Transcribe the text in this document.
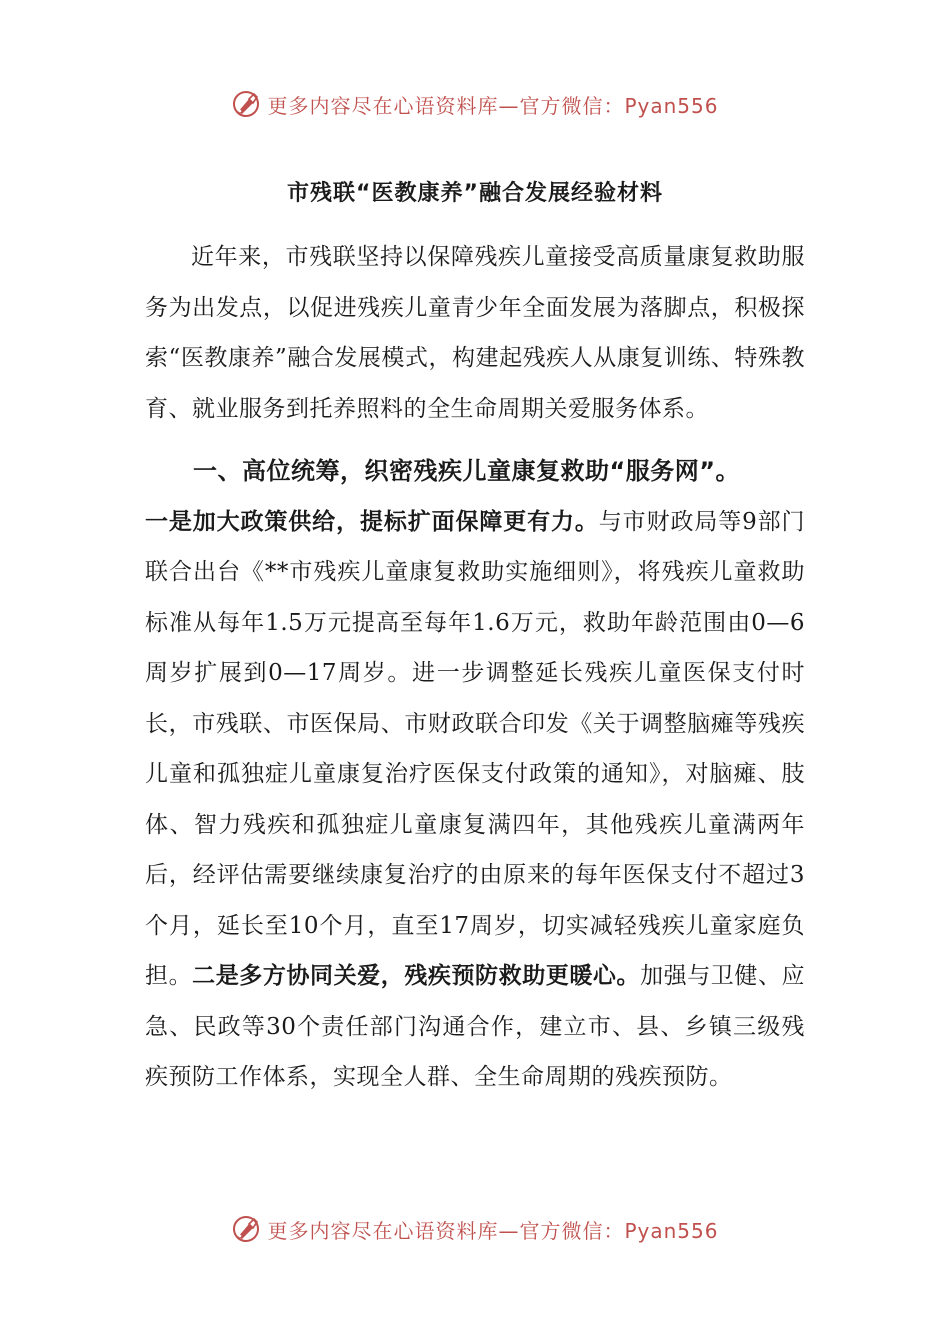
更多内容尽在心语资料库—官方微信：Pyan556
市残联“医教康养”融合发展经验材料

近年来，市残联坚持以保障残疾儿童接受高质量康复救助服务为出发点，以促进残疾儿童青少年全面发展为落脚点，积极探索“医教康养”融合发展模式，构建起残疾人从康复训练、特殊教育、就业服务到托养照料的全生命周期关爱服务体系。

一、高位统筹，织密残疾儿童康复救助“服务网”。

一是加大政策供给，提标扩面保障更有力。与市财政局等9部门联合出台《**市残疾儿童康复救助实施细则》，将残疾儿童救助标准从每年1.5万元提高至每年1.6万元，救助年龄范围由0—6周岁扩展到0—17周岁。进一步调整延长残疾儿童医保支付时长，市残联、市医保局、市财政联合印发《关于调整脑瘫等残疾儿童和孤独症儿童康复治疗医保支付政策的通知》，对脑瘫、肢体、智力残疾和孤独症儿童康复满四年，其他残疾儿童满两年后，经评估需要继续康复治疗的由原来的每年医保支付不超过3个月，延长至10个月，直至17周岁，切实减轻残疾儿童家庭负担。二是多方协同关爱，残疾预防救助更暖心。加强与卫健、应急、民政等30个责任部门沟通合作，建立市、县、乡镇三级残疾预防工作体系，实现全人群、全生命周期的残疾预防。

更多内容尽在心语资料库—官方微信：Pyan556
